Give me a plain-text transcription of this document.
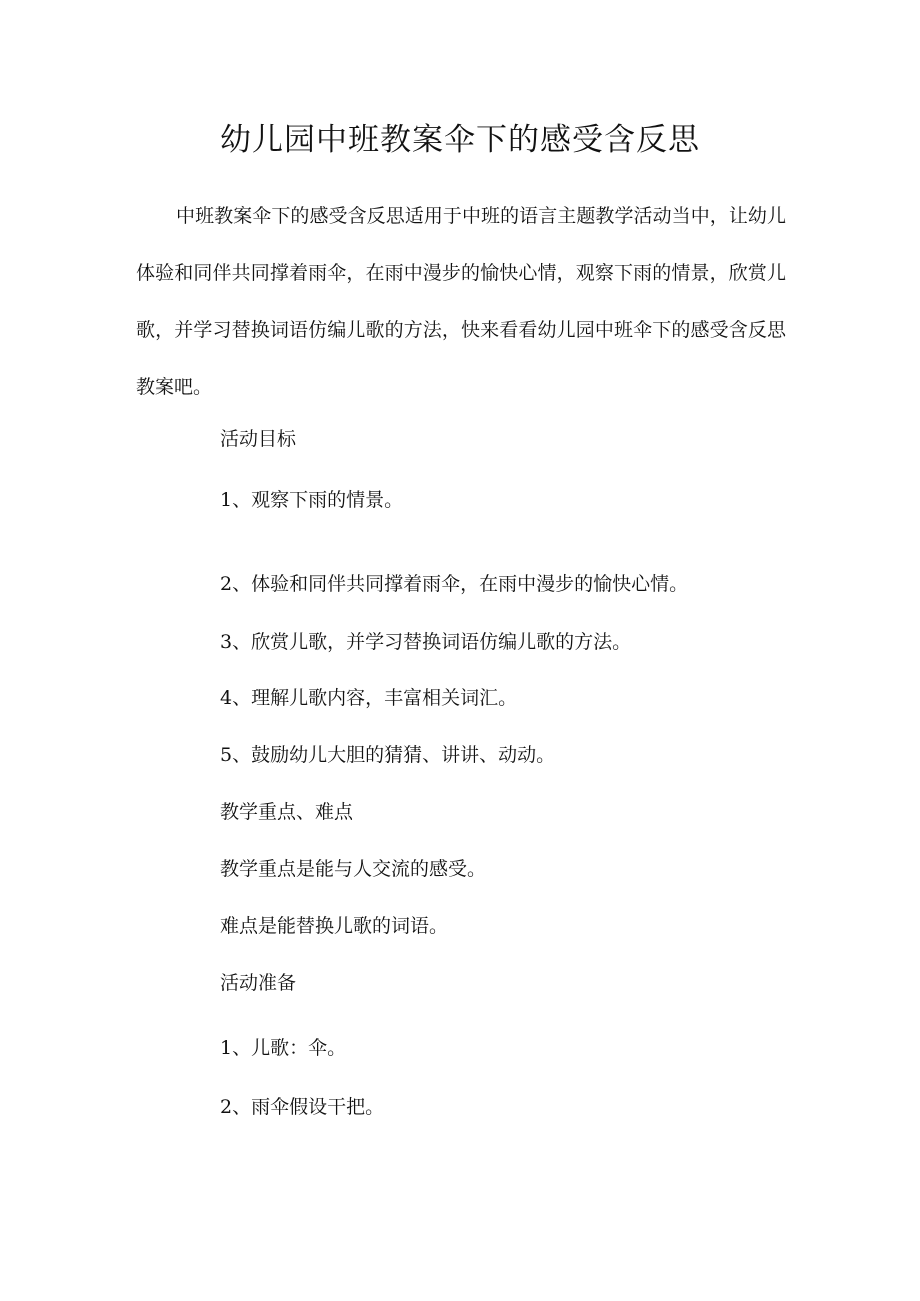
幼儿园中班教案伞下的感受含反思

中班教案伞下的感受含反思适用于中班的语言主题教学活动当中，让幼儿体验和同伴共同撑着雨伞，在雨中漫步的愉快心情，观察下雨的情景，欣赏儿歌，并学习替换词语仿编儿歌的方法，快来看看幼儿园中班伞下的感受含反思教案吧。

活动目标

1、观察下雨的情景。

2、体验和同伴共同撑着雨伞，在雨中漫步的愉快心情。

3、欣赏儿歌，并学习替换词语仿编儿歌的方法。

4、理解儿歌内容，丰富相关词汇。

5、鼓励幼儿大胆的猜猜、讲讲、动动。

教学重点、难点

教学重点是能与人交流的感受。

难点是能替换儿歌的词语。

活动准备

1、儿歌：伞。

2、雨伞假设干把。
